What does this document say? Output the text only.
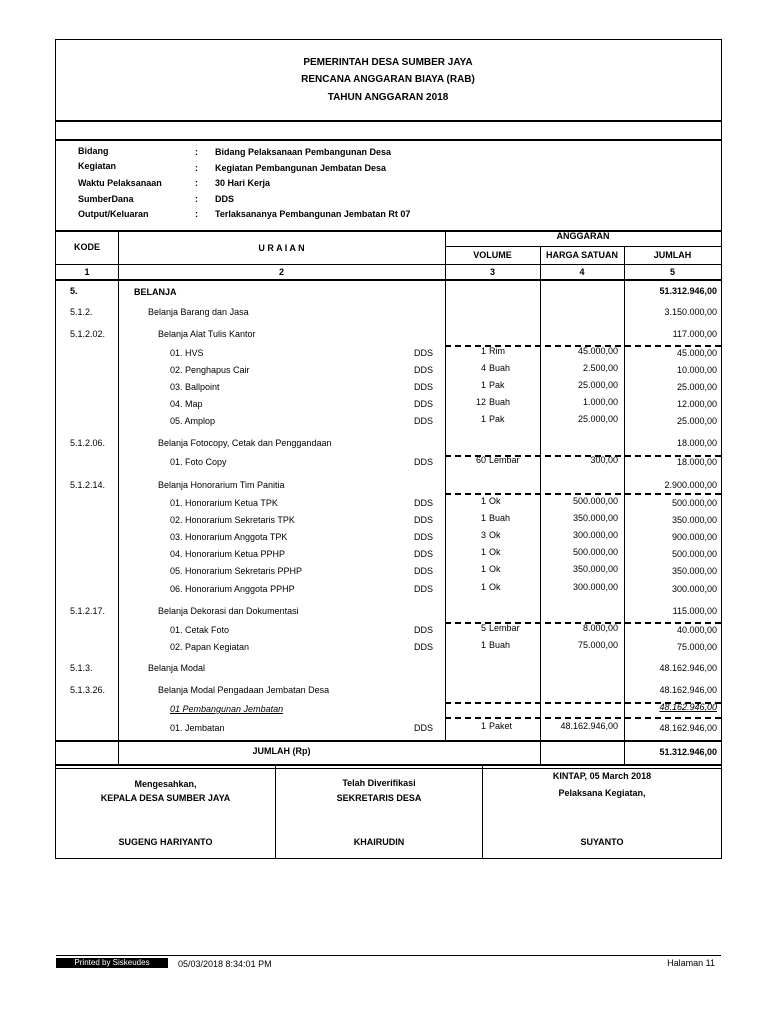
PEMERINTAH DESA SUMBER JAYA
RENCANA ANGGARAN BIAYA (RAB)
TAHUN ANGGARAN 2018
Bidang	: Bidang Pelaksanaan Pembangunan Desa
Kegiatan	: Kegiatan Pembangunan Jembatan Desa
Waktu Pelaksanaan	: 30 Hari Kerja
SumberDana	: DDS
Output/Keluaran	: Terlaksananya Pembangunan Jembatan Rt 07
KODE	U R A I A N
ANGGARAN
VOLUME	HARGA SATUAN	JUMLAH
1	2	3	4	5
5.	BELANJA	51.312.946,00
5.1.2.	Belanja Barang dan Jasa	3.150.000,00
5.1.2.02.	Belanja Alat Tulis Kantor	117.000,00
01. HVS	DDS	1 Rim	45.000,00	45.000,00
02. Penghapus Cair	DDS	4 Buah	2.500,00	10.000,00
03. Ballpoint	DDS	1 Pak	25.000,00	25.000,00
04. Map	DDS	12 Buah	1.000,00	12.000,00
05. Amplop	DDS	1 Pak	25.000,00	25.000,00
5.1.2.06.	Belanja Fotocopy, Cetak dan Penggandaan	18.000,00
01. Foto Copy	DDS	60 Lembar	300,00	18.000,00
5.1.2.14.	Belanja Honorarium Tim Panitia	2.900.000,00
01. Honorarium Ketua TPK	DDS	1 Ok	500.000,00	500.000,00
02. Honorarium Sekretaris TPK	DDS	1 Buah	350.000,00	350.000,00
03. Honorarium Anggota TPK	DDS	3 Ok	300.000,00	900.000,00
04. Honorarium Ketua PPHP	DDS	1 Ok	500.000,00	500.000,00
05. Honorarium Sekretaris PPHP	DDS	1 Ok	350.000,00	350.000,00
06. Honorarium Anggota PPHP	DDS	1 Ok	300.000,00	300.000,00
5.1.2.17.	Belanja Dekorasi dan Dokumentasi	115.000,00
01. Cetak Foto	DDS	5 Lembar	8.000,00	40.000,00
02. Papan Kegiatan	DDS	1 Buah	75.000,00	75.000,00
5.1.3.	Belanja Modal	48.162.946,00
5.1.3.26.	Belanja Modal Pengadaan Jembatan Desa	48.162.946,00
01 Pembangunan Jembatan	48.162.946,00
01. Jembatan	DDS	1 Paket	48.162.946,00	48.162.946,00
JUMLAH (Rp)	51.312.946,00
Mengesahkan,
KEPALA DESA SUMBER JAYA
SUGENG HARIYANTO
Telah Diverifikasi
SEKRETARIS DESA
KHAIRUDIN
KINTAP, 05 March 2018
Pelaksana Kegiatan,
SUYANTO
Printed by Siskeudes	05/03/2018 8:34:01 PM	Halaman 11
